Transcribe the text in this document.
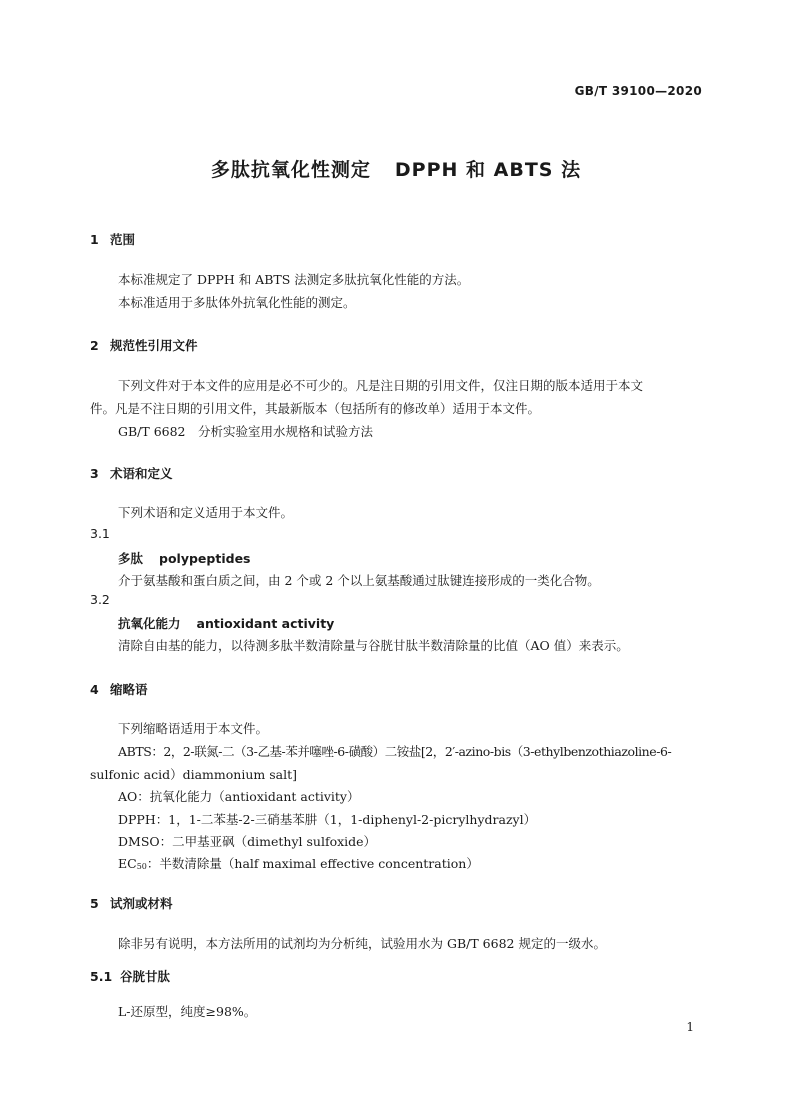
GB/T 39100—2020
多肽抗氧化性测定 DPPH 和 ABTS 法
1 范围
本标准规定了 DPPH 和 ABTS 法测定多肽抗氧化性能的方法。
本标准适用于多肽体外抗氧化性能的测定。
2 规范性引用文件
下列文件对于本文件的应用是必不可少的。凡是注日期的引用文件，仅注日期的版本适用于本文
件。凡是不注日期的引用文件，其最新版本（包括所有的修改单）适用于本文件。
GB/T 6682　分析实验室用水规格和试验方法
3 术语和定义
下列术语和定义适用于本文件。
3.1
多肽 polypeptides
介于氨基酸和蛋白质之间，由 2 个或 2 个以上氨基酸通过肽键连接形成的一类化合物。
3.2
抗氧化能力 antioxidant activity
清除自由基的能力，以待测多肽半数清除量与谷胱甘肽半数清除量的比值（AO 值）来表示。
4 缩略语
下列缩略语适用于本文件。
ABTS：2，2-联氮-二（3-乙基-苯并噻唑-6-磺酸）二铵盐[2，2′-azino-bis（3-ethylbenzothiazoline-6-
sulfonic acid）diammonium salt]
AO：抗氧化能力（antioxidant activity）
DPPH：1，1-二苯基-2-三硝基苯肼（1，1-diphenyl-2-picrylhydrazyl）
DMSO：二甲基亚砜（dimethyl sulfoxide）
$EC_{50}$：半数清除量（half maximal effective concentration）
5 试剂或材料
除非另有说明，本方法所用的试剂均为分析纯，试验用水为 GB/T 6682 规定的一级水。
5.1 谷胱甘肽
L-还原型，纯度≥98%。
1
